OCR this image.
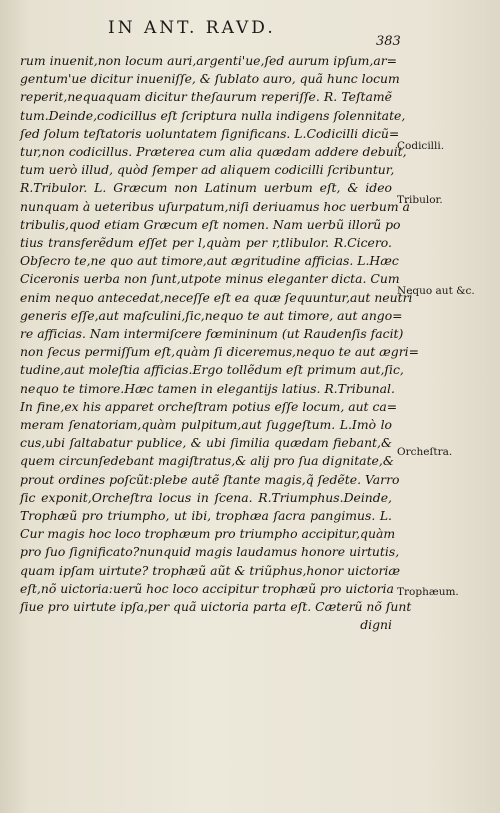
IN ANT. RAVD.
383
rum inuenit,non locum auri,argenti'ue,ſed aurum ipſum,ar=
gentum'ue dicitur inueniſſe, & ſublato auro, quã hunc locum
reperit,nequaquam dicitur theſaurum reperiſſe. R. Teſtamẽ
tum.Deinde,codicillus eſt ſcriptura nulla indigens ſolennitate,
ſed ſolum teſtatoris uoluntatem ſignificans. L.Codicilli dicũ=
tur,non codicillus. Præterea cum alia quædam addere debuit,
tum uerò illud, quòd ſemper ad aliquem codicilli ſcribuntur,
R.Tribulor. L. Græcum non Latinum uerbum eſt, & ideo
nunquam à ueteribus uſurpatum,niſi deriuamus hoc uerbum à
tribulis,quod etiam Græcum eſt nomen. Nam uerbũ illorũ po
tius transferẽdum eſſet per l,quàm per r,tlibulor. R.Cicero.
Obſecro te,ne quo aut timore,aut ægritudine afficias. L.Hæc
Ciceronis uerba non ſunt,utpote minus eleganter dicta. Cum
enim nequo antecedat,neceſſe eſt ea quæ ſequuntur,aut neutri
generis eſſe,aut maſculini,ſic,nequo te aut timore, aut ango=
re afficias. Nam intermiſcere fœmininum (ut Raudenſis facit)
non ſecus permiſſum eſt,quàm ſi diceremus,nequo te aut ægri=
tudine,aut moleſtia afficias.Ergo tollẽdum eſt primum aut,ſic,
nequo te timore.Hæc tamen in elegantijs latius. R.Tribunal.
In fine,ex his apparet orcheſtram potius eſſe locum, aut ca=
meram ſenatoriam,quàm pulpitum,aut ſuggeſtum. L.Imò lo
cus,ubi ſaltabatur publice, & ubi ſimilia quædam fiebant,&
quem circunſedebant magiſtratus,& alij pro ſua dignitate,&
prout ordines poſcũt:plebe autẽ ſtante magis,q̃ ſedẽte. Varro
ſic exponit,Orcheſtra locus in ſcena. R.Triumphus.Deinde,
Trophæũ pro triumpho, ut ibi, trophæa ſacra pangimus. L.
Cur magis hoc loco trophæum pro triumpho accipitur,quàm
pro ſuo ſignificato?nunquid magis laudamus honore uirtutis,
quam ipſam uirtute? trophæũ aũt & triũphus,honor uictoriæ
eſt,nõ uictoria:uerũ hoc loco accipitur trophæũ pro uictoria
ſiue pro uirtute ipſa,per quã uictoria parta eſt. Cæterũ nõ ſunt
digni
Codicilli.
Tribulor.
Nequo aut &c.
Orcheſtra.
Trophæum.
